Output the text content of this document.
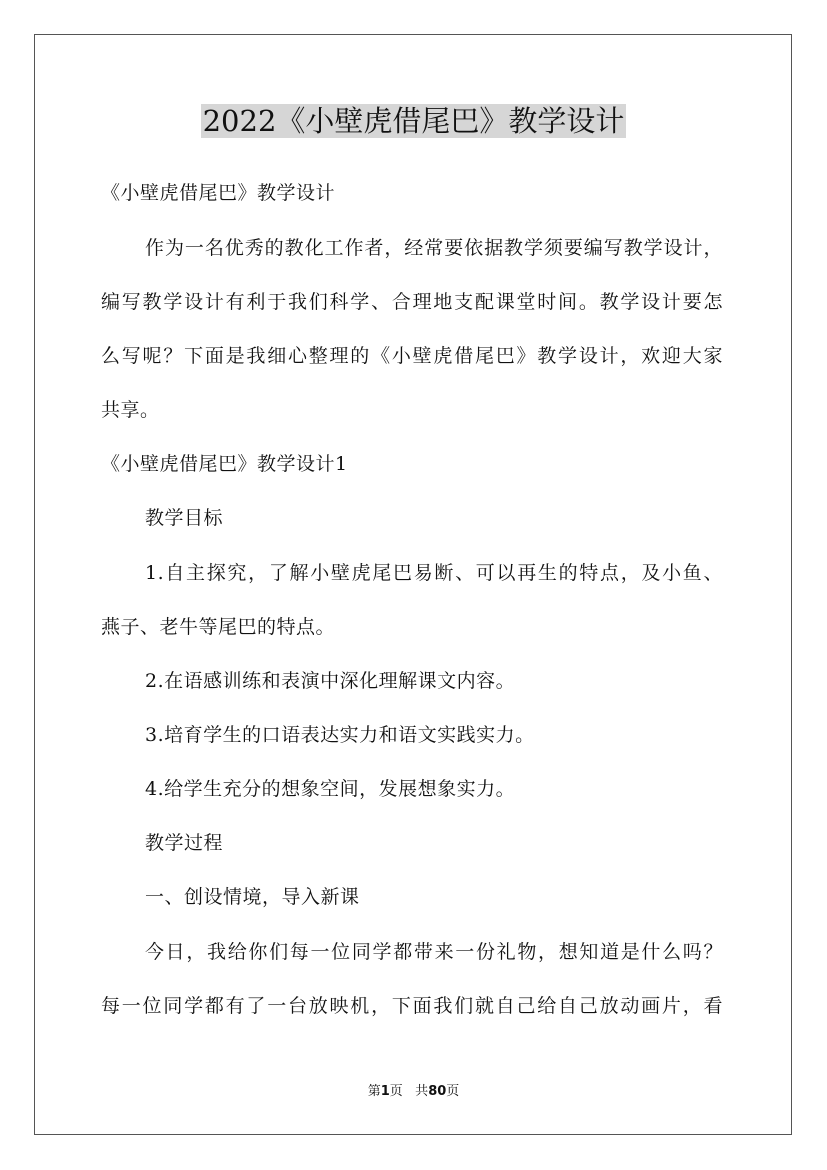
2022《小壁虎借尾巴》教学设计
《小壁虎借尾巴》教学设计
作为一名优秀的教化工作者，经常要依据教学须要编写教学设计，
编写教学设计有利于我们科学、合理地支配课堂时间。教学设计要怎
么写呢？下面是我细心整理的《小壁虎借尾巴》教学设计，欢迎大家
共享。
《小壁虎借尾巴》教学设计1
教学目标
1.自主探究，了解小壁虎尾巴易断、可以再生的特点，及小鱼、
燕子、老牛等尾巴的特点。
2.在语感训练和表演中深化理解课文内容。
3.培育学生的口语表达实力和语文实践实力。
4.给学生充分的想象空间，发展想象实力。
教学过程
一、创设情境，导入新课
今日，我给你们每一位同学都带来一份礼物，想知道是什么吗？
每一位同学都有了一台放映机，下面我们就自己给自己放动画片，看
第1页 共80页
